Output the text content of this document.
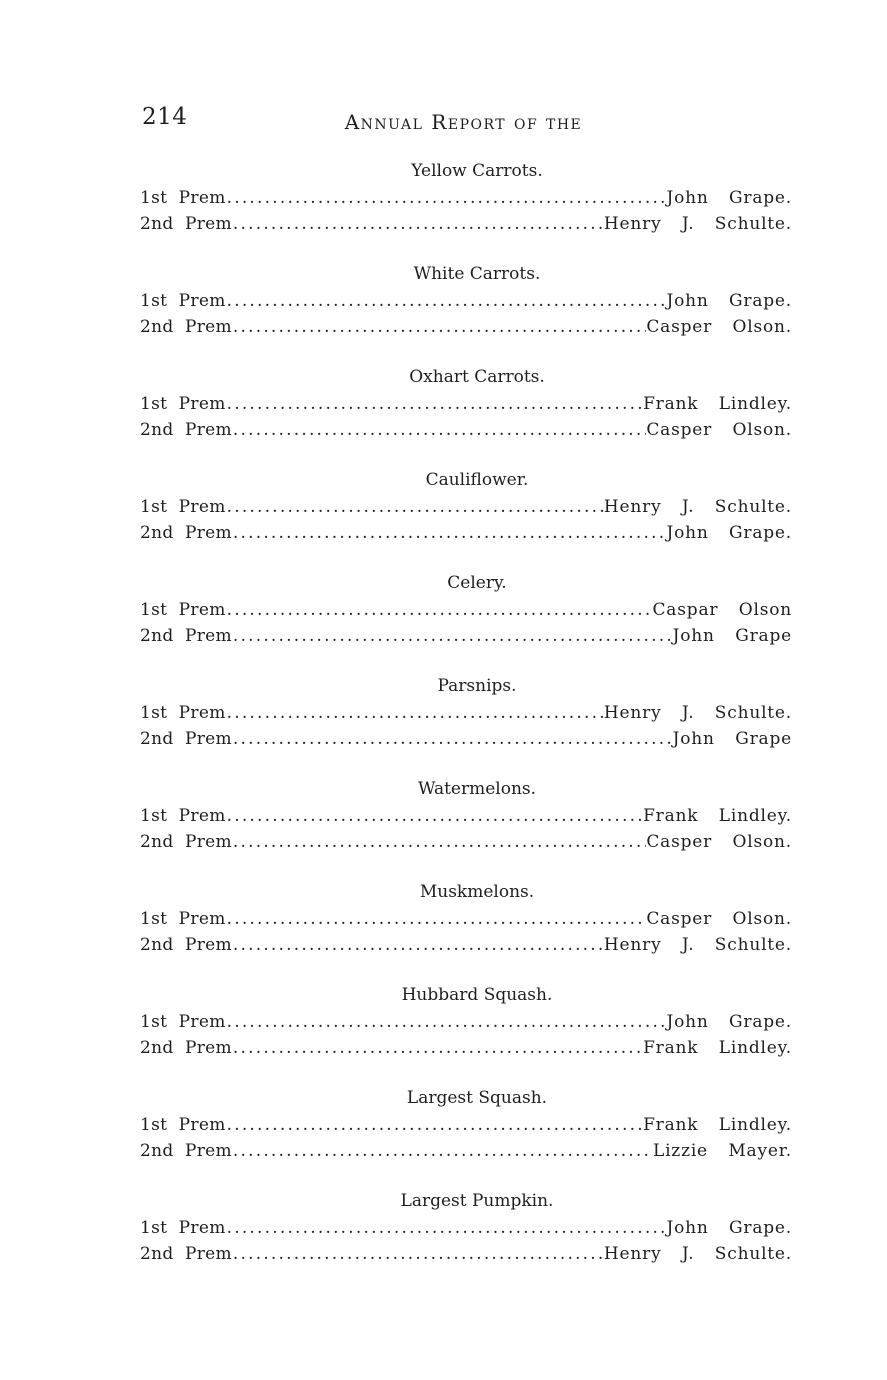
214	Annual Report of the
Yellow Carrots.
1st  Prem .....	John  Grape.
2nd  Prem .....	Henry  J.  Schulte.
White Carrots.
1st  Prem .....	John  Grape.
2nd  Prem .....	Casper  Olson.
Oxhart Carrots.
1st  Prem .....	Frank  Lindley.
2nd  Prem .....	Casper  Olson.
Cauliflower.
1st  Prem .....	Henry  J.  Schulte.
2nd  Prem .....	John  Grape.
Celery.
1st  Prem .....	Caspar  Olson
2nd  Prem .....	John  Grape
Parsnips.
1st  Prem .....	Henry  J.  Schulte.
2nd  Prem .....	John  Grape
Watermelons.
1st  Prem .....	Frank  Lindley.
2nd  Prem .....	Casper  Olson.
Muskmelons.
1st  Prem .....	Casper  Olson.
2nd  Prem .....	Henry  J.  Schulte.
Hubbard Squash.
1st  Prem .....	John  Grape.
2nd  Prem .....	Frank  Lindley.
Largest Squash.
1st  Prem .....	Frank  Lindley.
2nd  Prem .....	Lizzie  Mayer.
Largest Pumpkin.
1st  Prem .....	John  Grape.
2nd  Prem .....	Henry  J.  Schulte.
